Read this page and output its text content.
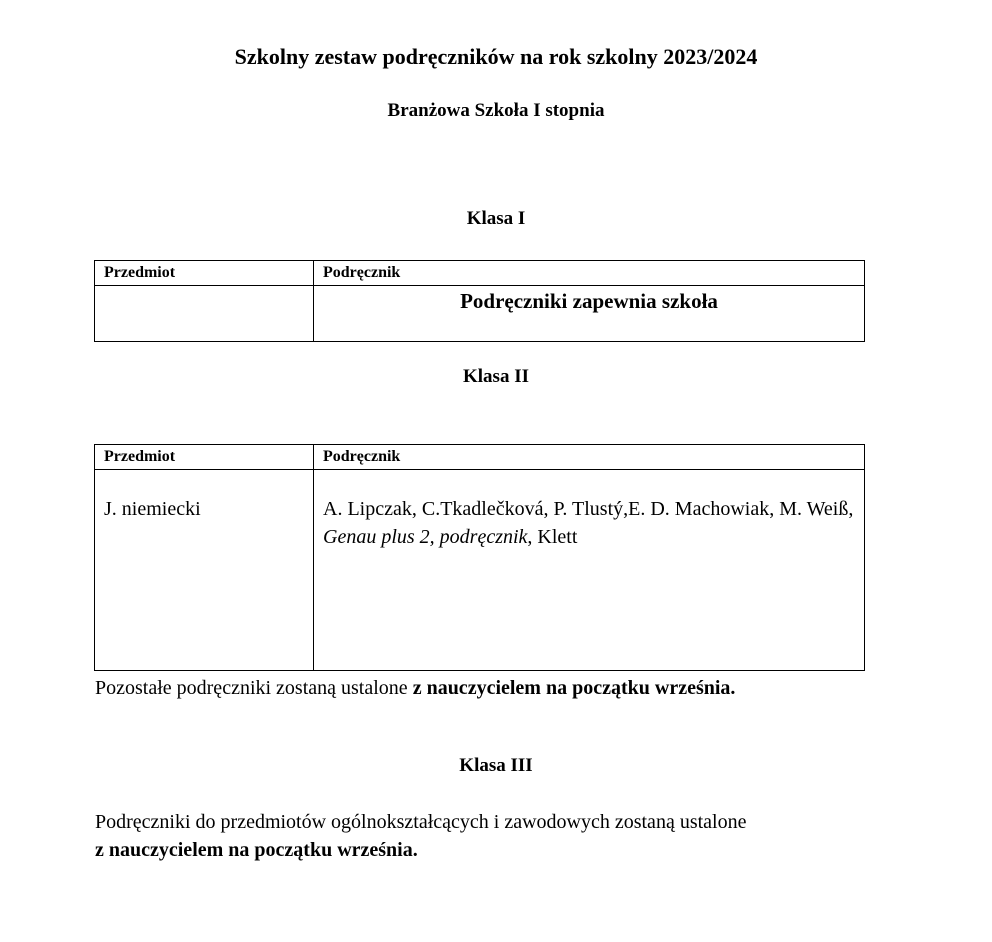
Szkolny zestaw podręczników na rok szkolny 2023/2024
Branżowa Szkoła I stopnia
Klasa I
Przedmiot	Podręcznik

	Podręczniki zapewnia szkoła
Klasa II
Przedmiot	Podręcznik
J. niemiecki	A. Lipczak, C.Tkadlečková, P. Tlustý,E. D. Machowiak, M. Weiß, Genau plus 2, podręcznik, Klett
Pozostałe podręczniki zostaną ustalone z nauczycielem na początku września.
Klasa III
Podręczniki do przedmiotów ogólnokształcących i zawodowych zostaną ustalone
z nauczycielem na początku września.
